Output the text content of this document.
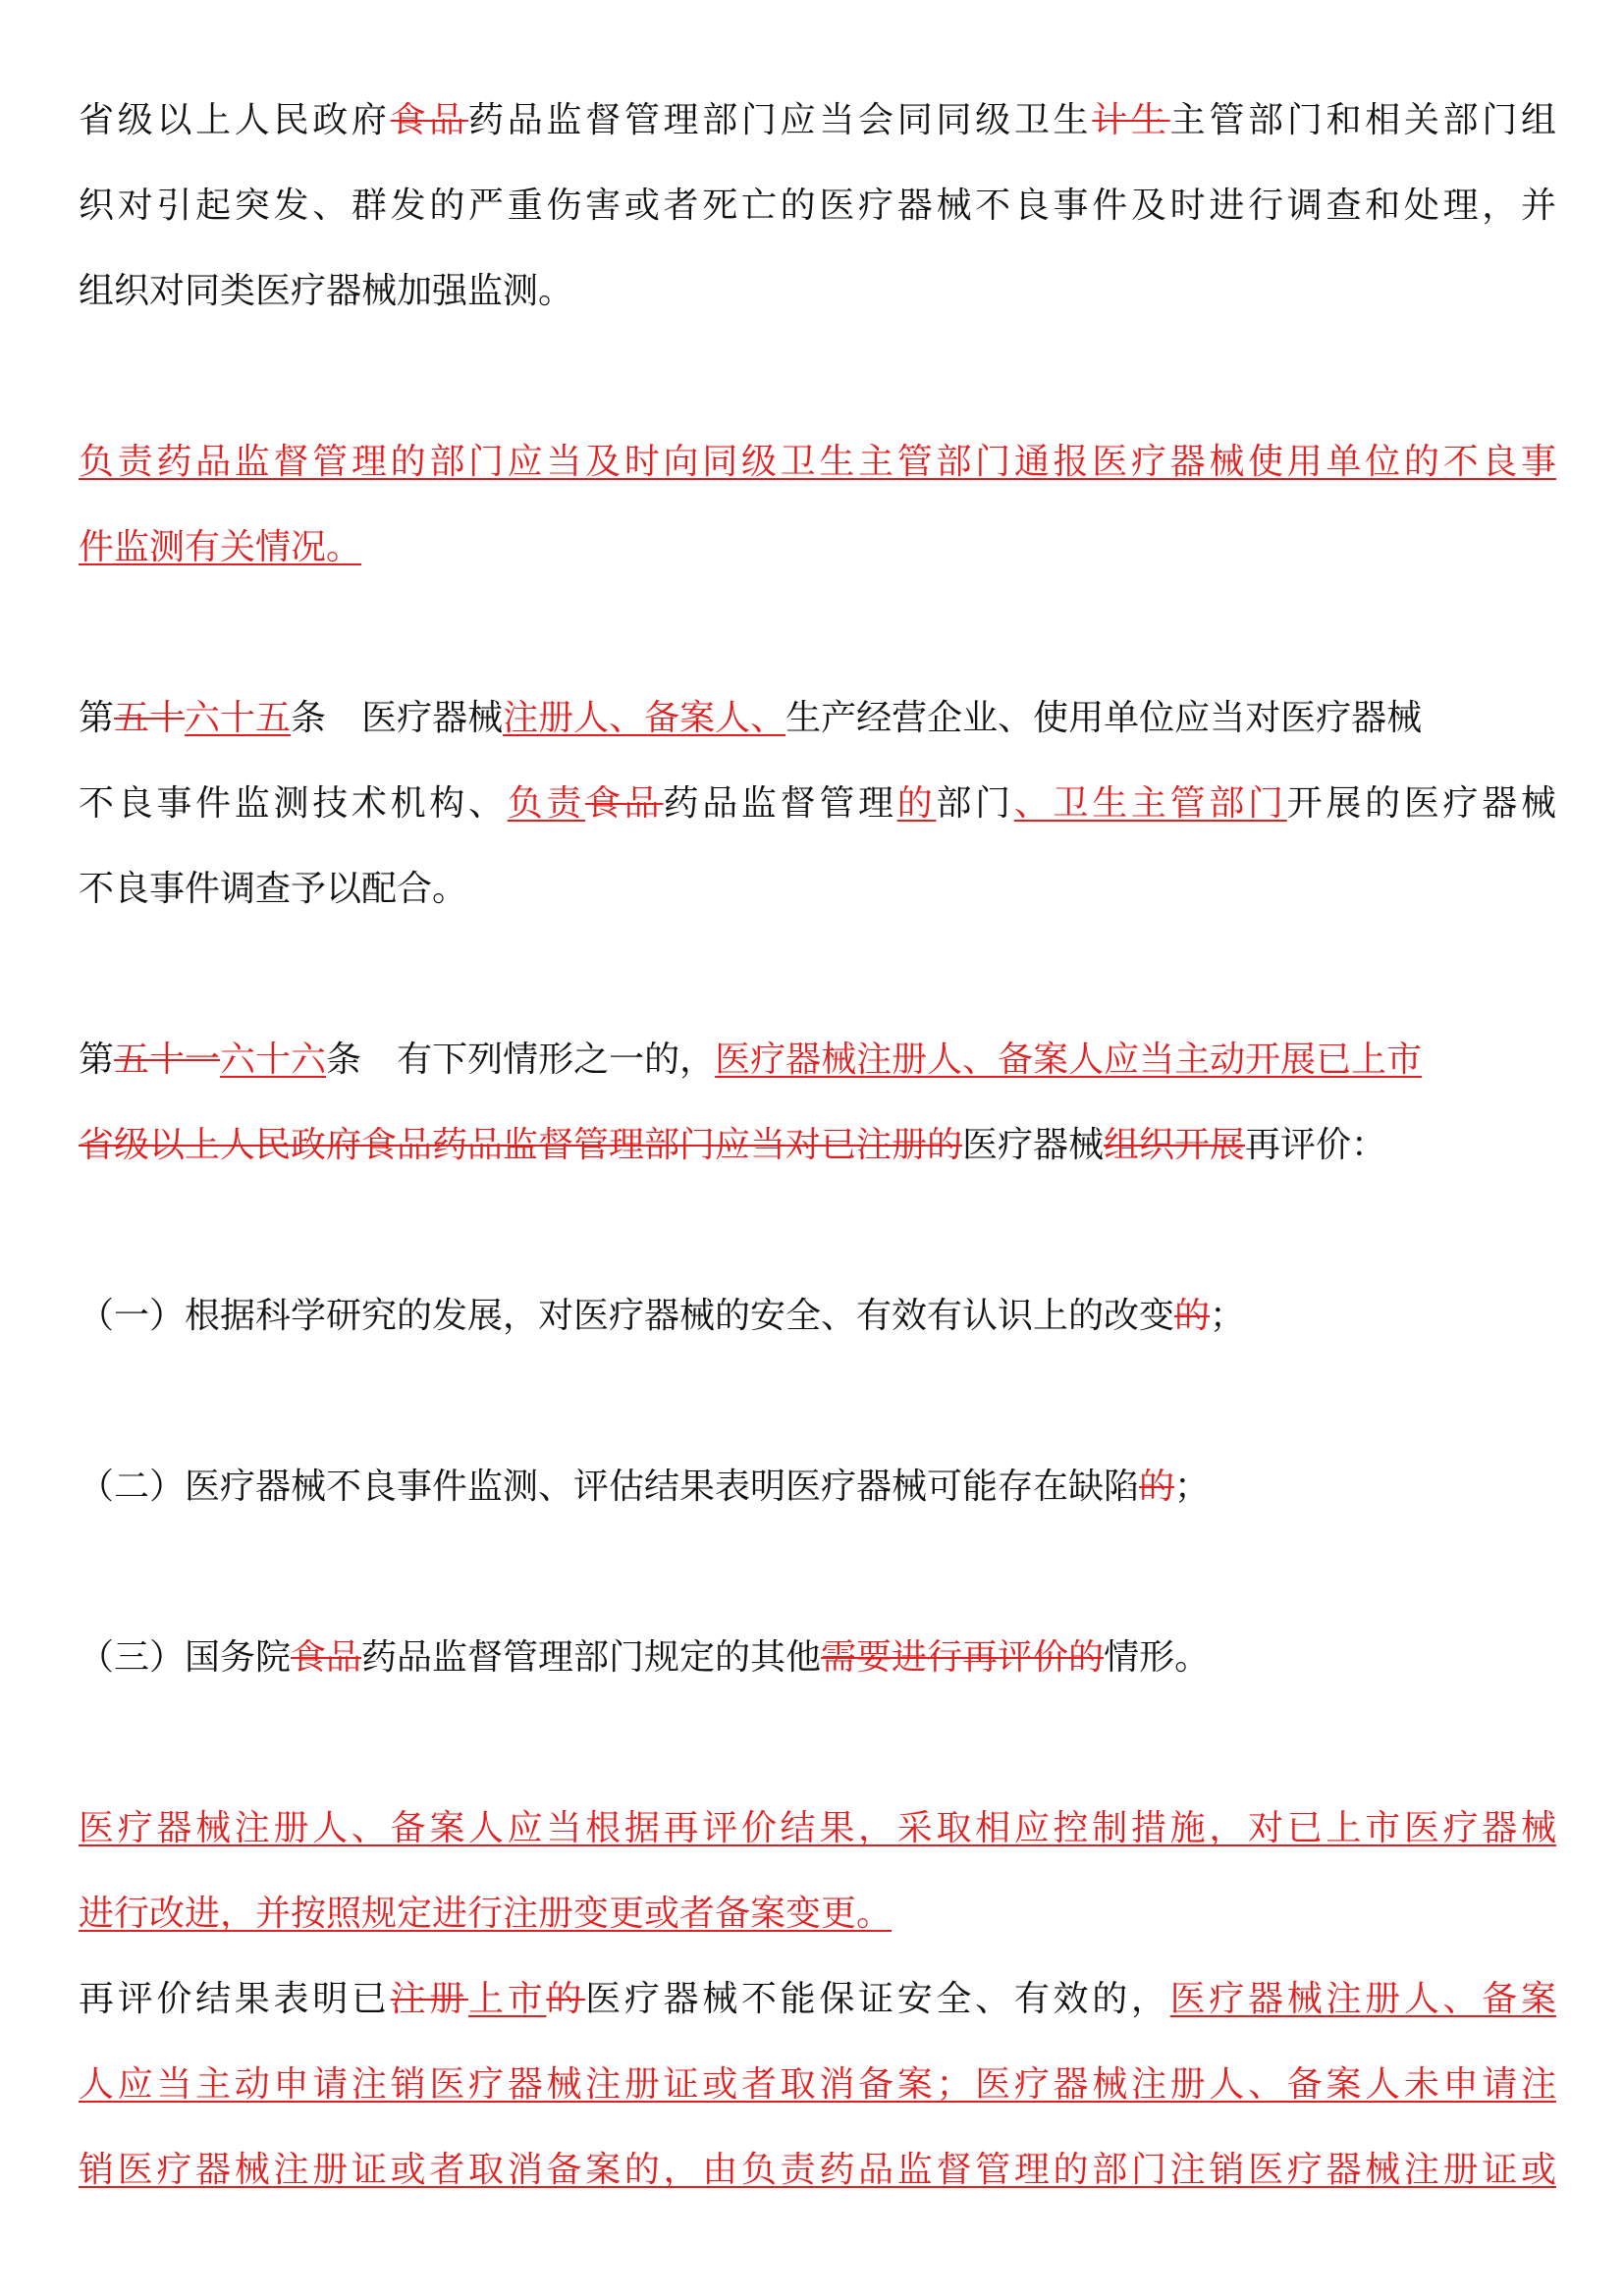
省级以上人民政府食品药品监督管理部门应当会同同级卫生计生主管部门和相关部门组
织对引起突发、群发的严重伤害或者死亡的医疗器械不良事件及时进行调查和处理，并
组织对同类医疗器械加强监测。
负责药品监督管理的部门应当及时向同级卫生主管部门通报医疗器械使用单位的不良事
件监测有关情况。
第五十六十五条 医疗器械注册人、备案人、生产经营企业、使用单位应当对医疗器械
不良事件监测技术机构、负责食品药品监督管理的部门、卫生主管部门开展的医疗器械
不良事件调查予以配合。
第五十一六十六条 有下列情形之一的，医疗器械注册人、备案人应当主动开展已上市
省级以上人民政府食品药品监督管理部门应当对已注册的医疗器械组织开展再评价：
（一）根据科学研究的发展，对医疗器械的安全、有效有认识上的改变的；
（二）医疗器械不良事件监测、评估结果表明医疗器械可能存在缺陷的；
（三）国务院食品药品监督管理部门规定的其他需要进行再评价的情形。
医疗器械注册人、备案人应当根据再评价结果，采取相应控制措施，对已上市医疗器械
进行改进，并按照规定进行注册变更或者备案变更。
再评价结果表明已注册上市的医疗器械不能保证安全、有效的，医疗器械注册人、备案
人应当主动申请注销医疗器械注册证或者取消备案；医疗器械注册人、备案人未申请注
销医疗器械注册证或者取消备案的，由负责药品监督管理的部门注销医疗器械注册证或
